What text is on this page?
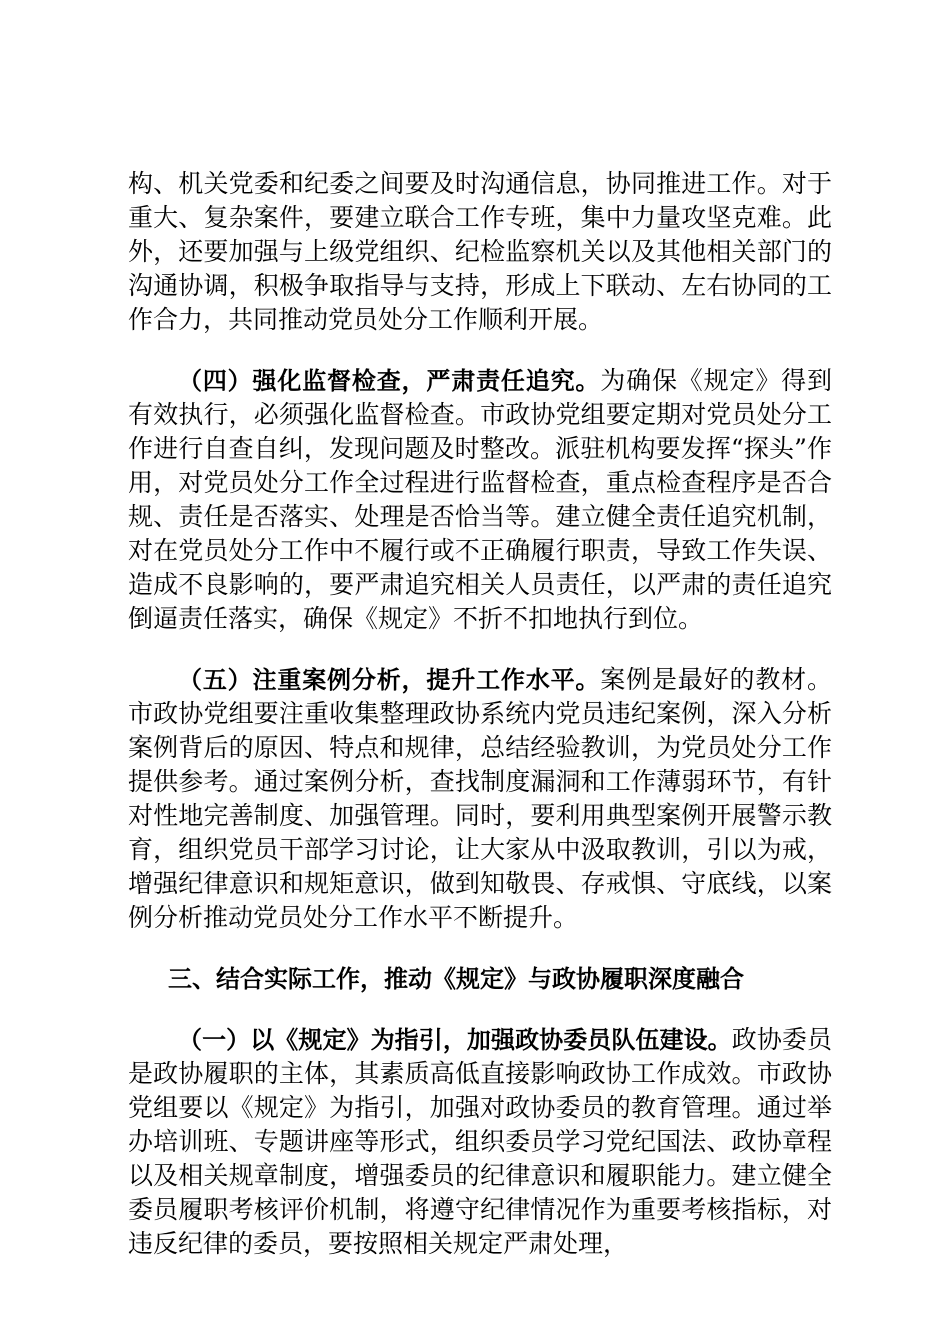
构、机关党委和纪委之间要及时沟通信息，协同推进工作。对于重大、复杂案件，要建立联合工作专班，集中力量攻坚克难。此外，还要加强与上级党组织、纪检监察机关以及其他相关部门的沟通协调，积极争取指导与支持，形成上下联动、左右协同的工作合力，共同推动党员处分工作顺利开展。

（四）强化监督检查，严肃责任追究。为确保《规定》得到有效执行，必须强化监督检查。市政协党组要定期对党员处分工作进行自查自纠，发现问题及时整改。派驻机构要发挥“探头”作用，对党员处分工作全过程进行监督检查，重点检查程序是否合规、责任是否落实、处理是否恰当等。建立健全责任追究机制，对在党员处分工作中不履行或不正确履行职责，导致工作失误、造成不良影响的，要严肃追究相关人员责任，以严肃的责任追究倒逼责任落实，确保《规定》不折不扣地执行到位。

（五）注重案例分析，提升工作水平。案例是最好的教材。市政协党组要注重收集整理政协系统内党员违纪案例，深入分析案例背后的原因、特点和规律，总结经验教训，为党员处分工作提供参考。通过案例分析，查找制度漏洞和工作薄弱环节，有针对性地完善制度、加强管理。同时，要利用典型案例开展警示教育，组织党员干部学习讨论，让大家从中汲取教训，引以为戒，增强纪律意识和规矩意识，做到知敬畏、存戒惧、守底线，以案例分析推动党员处分工作水平不断提升。

三、结合实际工作，推动《规定》与政协履职深度融合

（一）以《规定》为指引，加强政协委员队伍建设。政协委员是政协履职的主体，其素质高低直接影响政协工作成效。市政协党组要以《规定》为指引，加强对政协委员的教育管理。通过举办培训班、专题讲座等形式，组织委员学习党纪国法、政协章程以及相关规章制度，增强委员的纪律意识和履职能力。建立健全委员履职考核评价机制，将遵守纪律情况作为重要考核指标，对违反纪律的委员，要按照相关规定严肃处理，
